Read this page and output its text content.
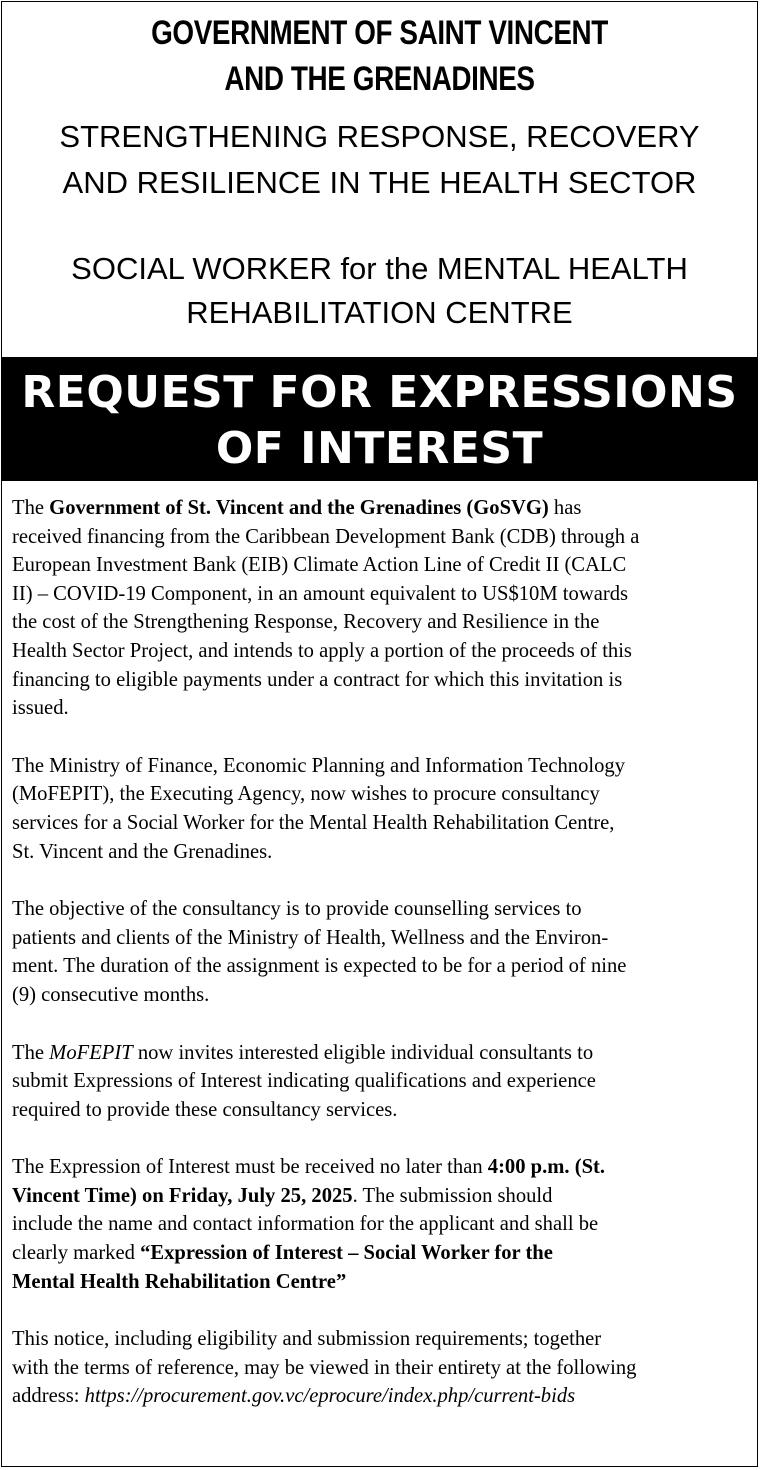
GOVERNMENT OF SAINT VINCENT
AND THE GRENADINES
STRENGTHENING RESPONSE, RECOVERY
AND RESILIENCE IN THE HEALTH SECTOR
SOCIAL WORKER for the MENTAL HEALTH
REHABILITATION CENTRE
REQUEST FOR EXPRESSIONS
OF INTEREST

The Government of St. Vincent and the Grenadines (GoSVG) has
received financing from the Caribbean Development Bank (CDB) through a
European Investment Bank (EIB) Climate Action Line of Credit II (CALC
II) – COVID-19 Component, in an amount equivalent to US$10M towards
the cost of the Strengthening Response, Recovery and Resilience in the
Health Sector Project, and intends to apply a portion of the proceeds of this
financing to eligible payments under a contract for which this invitation is
issued.

The Ministry of Finance, Economic Planning and Information Technology
(MoFEPIT), the Executing Agency, now wishes to procure consultancy
services for a Social Worker for the Mental Health Rehabilitation Centre,
St. Vincent and the Grenadines.

The objective of the consultancy is to provide counselling services to
patients and clients of the Ministry of Health, Wellness and the Environ-
ment. The duration of the assignment is expected to be for a period of nine
(9) consecutive months.

The MoFEPIT now invites interested eligible individual consultants to
submit Expressions of Interest indicating qualifications and experience
required to provide these consultancy services.

The Expression of Interest must be received no later than 4:00 p.m. (St.
Vincent Time) on Friday, July 25, 2025. The submission should
include the name and contact information for the applicant and shall be
clearly marked “Expression of Interest – Social Worker for the
Mental Health Rehabilitation Centre”

This notice, including eligibility and submission requirements; together
with the terms of reference, may be viewed in their entirety at the following
address: https://procurement.gov.vc/eprocure/index.php/current-bids
